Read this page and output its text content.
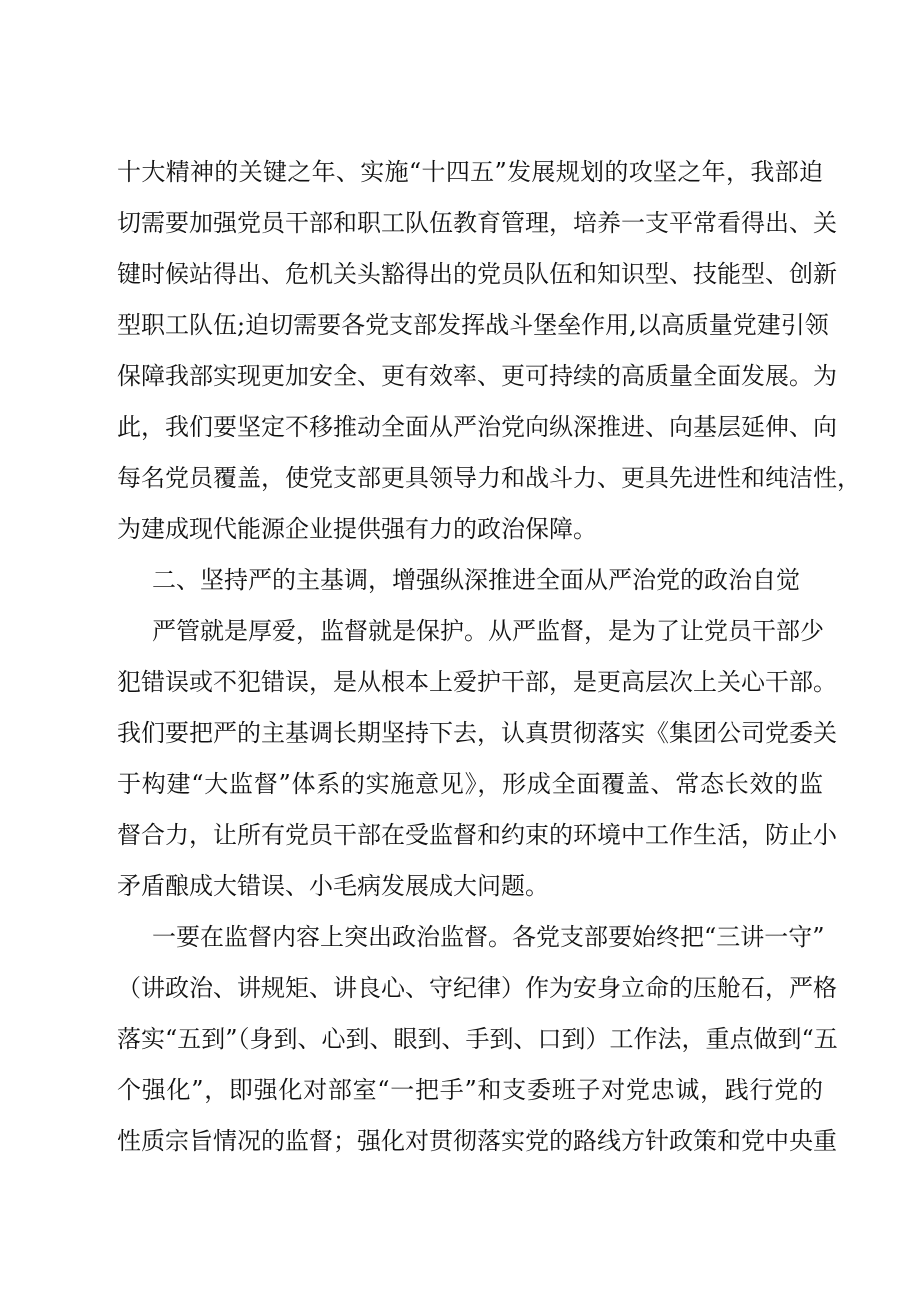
十大精神的关键之年、实施“十四五”发展规划的攻坚之年，我部迫
切需要加强党员干部和职工队伍教育管理，培养一支平常看得出、关
键时候站得出、危机关头豁得出的党员队伍和知识型、技能型、创新
型职工队伍;迫切需要各党支部发挥战斗堡垒作用,以高质量党建引领
保障我部实现更加安全、更有效率、更可持续的高质量全面发展。为
此，我们要坚定不移推动全面从严治党向纵深推进、向基层延伸、向
每名党员覆盖，使党支部更具领导力和战斗力、更具先进性和纯洁性，
为建成现代能源企业提供强有力的政治保障。
二、坚持严的主基调，增强纵深推进全面从严治党的政治自觉
严管就是厚爱，监督就是保护。从严监督，是为了让党员干部少
犯错误或不犯错误，是从根本上爱护干部，是更高层次上关心干部。
我们要把严的主基调长期坚持下去，认真贯彻落实《集团公司党委关
于构建“大监督”体系的实施意见》，形成全面覆盖、常态长效的监
督合力，让所有党员干部在受监督和约束的环境中工作生活，防止小
矛盾酿成大错误、小毛病发展成大问题。
一要在监督内容上突出政治监督。各党支部要始终把“三讲一守”
（讲政治、讲规矩、讲良心、守纪律）作为安身立命的压舱石，严格
落实“五到”（身到、心到、眼到、手到、口到）工作法，重点做到“五
个强化”，即强化对部室“一把手”和支委班子对党忠诚，践行党的
性质宗旨情况的监督；强化对贯彻落实党的路线方针政策和党中央重
